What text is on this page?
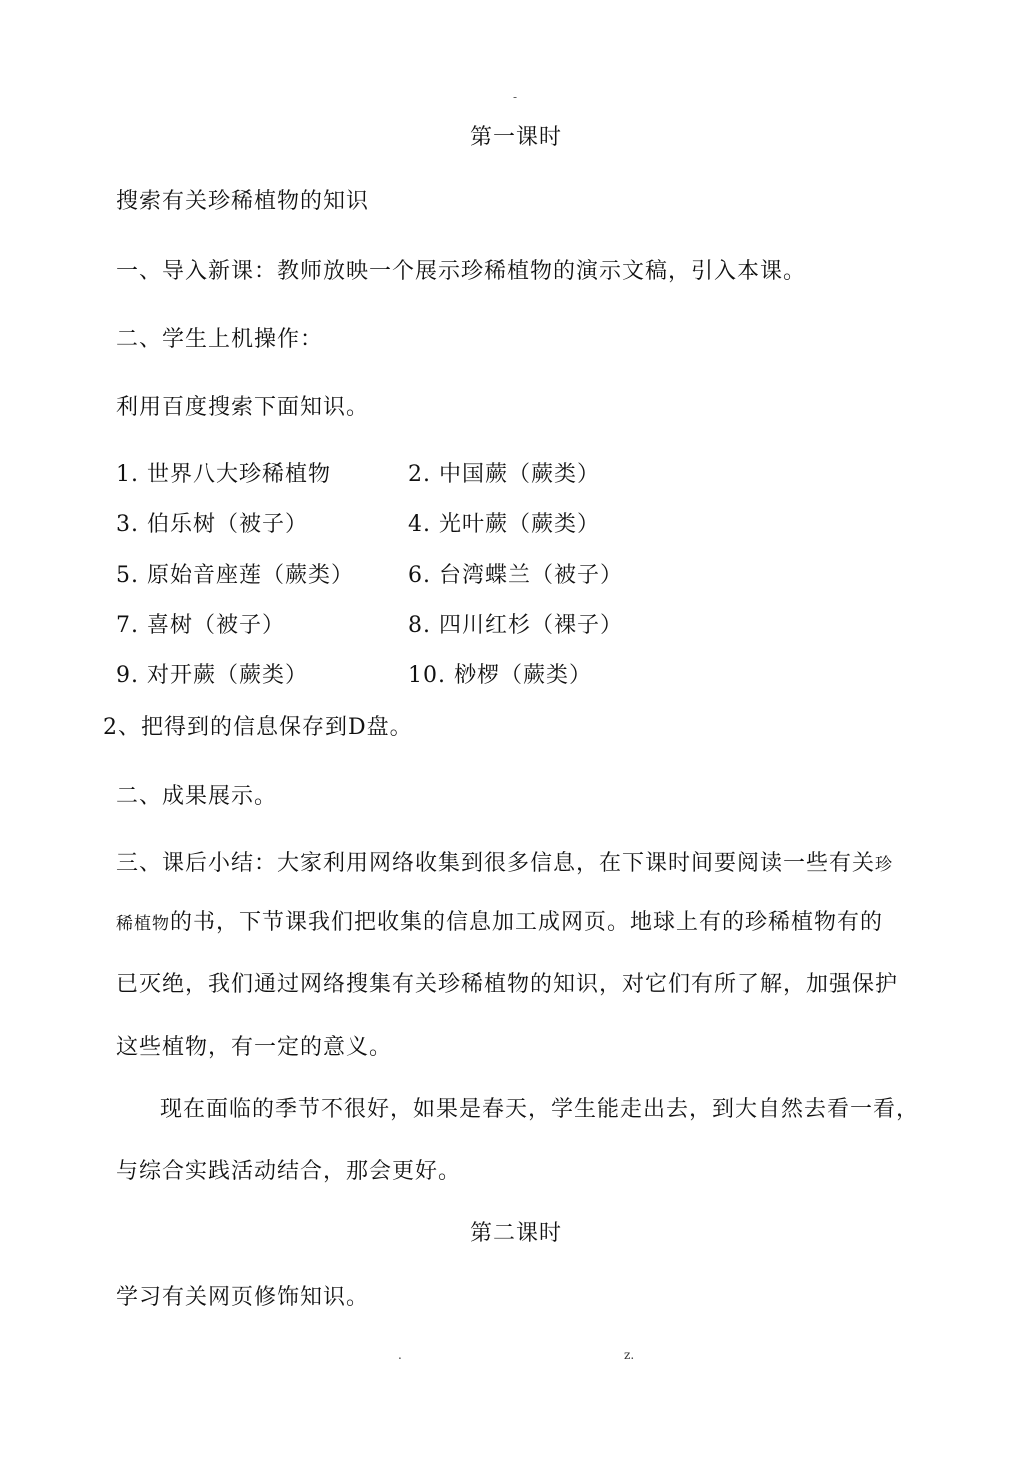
-
第一课时
搜索有关珍稀植物的知识
一、导入新课：教师放映一个展示珍稀植物的演示文稿，引入本课。
二、学生上机操作：
利用百度搜索下面知识。
1. 世界八大珍稀植物	2. 中国蕨（蕨类）
3. 伯乐树（被子）	4. 光叶蕨（蕨类）
5. 原始音座莲（蕨类） 6. 台湾蝶兰（被子）
7. 喜树（被子）	8. 四川红杉（裸子）
9. 对开蕨（蕨类）	10. 桫椤（蕨类）
2、把得到的信息保存到D盘。
二、成果展示。
三、课后小结：大家利用网络收集到很多信息，在下课时间要阅读一些有关珍
稀植物的书，下节课我们把收集的信息加工成网页。地球上有的珍稀植物有的
已灭绝，我们通过网络搜集有关珍稀植物的知识，对它们有所了解，加强保护
这些植物，有一定的意义。
现在面临的季节不很好，如果是春天，学生能走出去，到大自然去看一看，
与综合实践活动结合，那会更好。
第二课时
学习有关网页修饰知识。
.	z.
